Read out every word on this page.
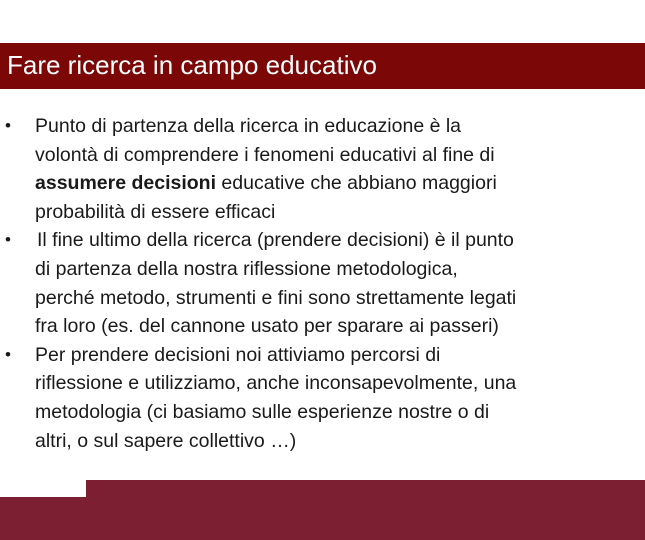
Fare ricerca in campo educativo
•	Punto di partenza della ricerca in educazione è la
volontà di comprendere i fenomeni educativi al fine di
assumere decisioni educative che abbiano maggiori
probabilità di essere efficaci
•	Il fine ultimo della ricerca (prendere decisioni) è il punto
di partenza della nostra riflessione metodologica,
perché metodo, strumenti e fini sono strettamente legati
fra loro (es. del cannone usato per sparare ai passeri)
•	Per prendere decisioni noi attiviamo percorsi di
riflessione e utilizziamo, anche inconsapevolmente, una
metodologia (ci basiamo sulle esperienze nostre o di
altri, o sul sapere collettivo …)
